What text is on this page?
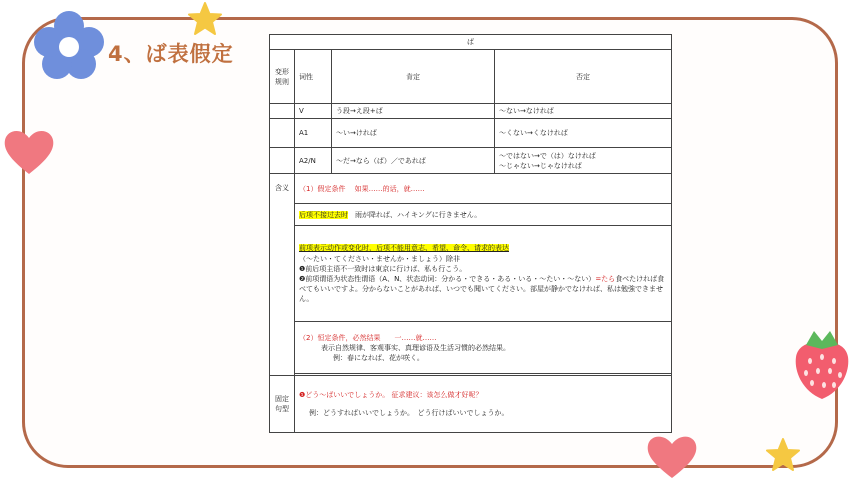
4、ば表假定	ば			
变形
规则	词性	肯定	否定
	V	う段→え段+ば	～ない→なければ
	A1	～い→ければ	～くない→くなければ
	A2/N	～だ→なら（ば）／であれば	～ではない→で（は）なければ
～じゃない→じゃなければ

含义	（1）假定条件　 如果……的话，就……		
	后项不接过去时　雨が降れば、ハイキングに行きません。		

	前项表示动作或变化时，后项不能用意志、希望、命令、请求的表达
（～たい・てください・ませんか・ましょう）除非
❶前后项主语不一致时は東京に行けば、私も行こう。
❷前项谓语为状态性谓语（A、N、状态动词：分かる・できる・ある・いる・～たい・～ない）=たら食べたければ食べてもいいですよ。分からないことがあれば、いつでも聞いてください。部屋が静かでなければ、私は勉強できません。		

	（2）恒定条件，必然结果　　一……就……
表示自然规律、客观事实、真理谚语及生活习惯的必然结果。
例：春になれば、花が咲く。		

固定
句型	❶どう～ばいいでしょうか。 征求建议：该怎么做才好呢？
例：どうすればいいでしょうか。　どう行けばいいでしょうか。		
